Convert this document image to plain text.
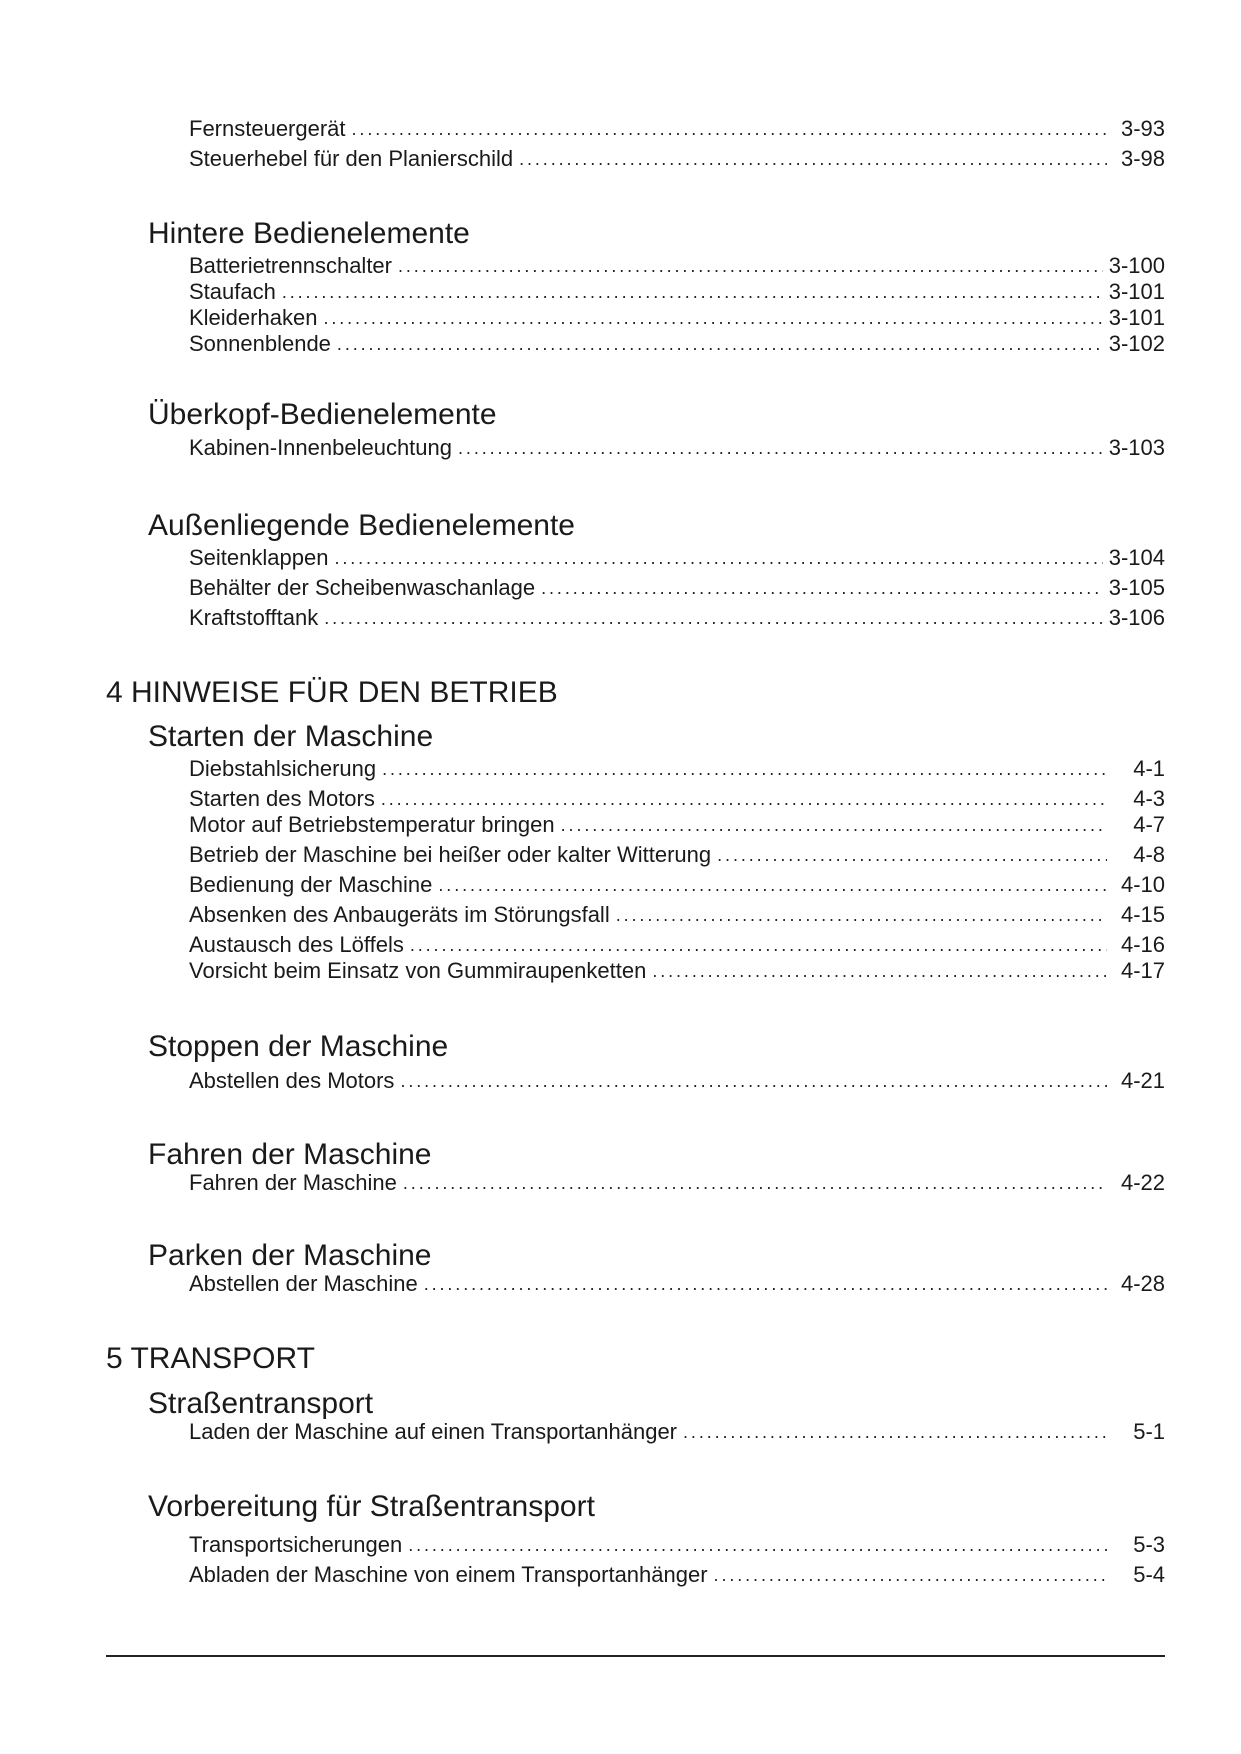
Fernsteuergerät .....	3-93
Steuerhebel für den Planierschild .....	3-98
Hintere Bedienelemente
Batterietrennschalter .....	3-100
Staufach .....	3-101
Kleiderhaken .....	3-101
Sonnenblende .....	3-102
Überkopf-Bedienelemente
Kabinen-Innenbeleuchtung .....	3-103
Außenliegende Bedienelemente
Seitenklappen .....	3-104
Behälter der Scheibenwaschanlage .....	3-105
Kraftstofftank .....	3-106
4 HINWEISE FÜR DEN BETRIEB
Starten der Maschine
Diebstahlsicherung .....	4-1
Starten des Motors .....	4-3
Motor auf Betriebstemperatur bringen .....	4-7
Betrieb der Maschine bei heißer oder kalter Witterung .....	4-8
Bedienung der Maschine .....	4-10
Absenken des Anbaugeräts im Störungsfall .....	4-15
Austausch des Löffels .....	4-16
Vorsicht beim Einsatz von Gummiraupenketten .....	4-17
Stoppen der Maschine
Abstellen des Motors .....	4-21
Fahren der Maschine
Fahren der Maschine .....	4-22
Parken der Maschine
Abstellen der Maschine .....	4-28
5 TRANSPORT
Straßentransport
Laden der Maschine auf einen Transportanhänger .....	5-1
Vorbereitung für Straßentransport
Transportsicherungen .....	5-3
Abladen der Maschine von einem Transportanhänger .....	5-4
